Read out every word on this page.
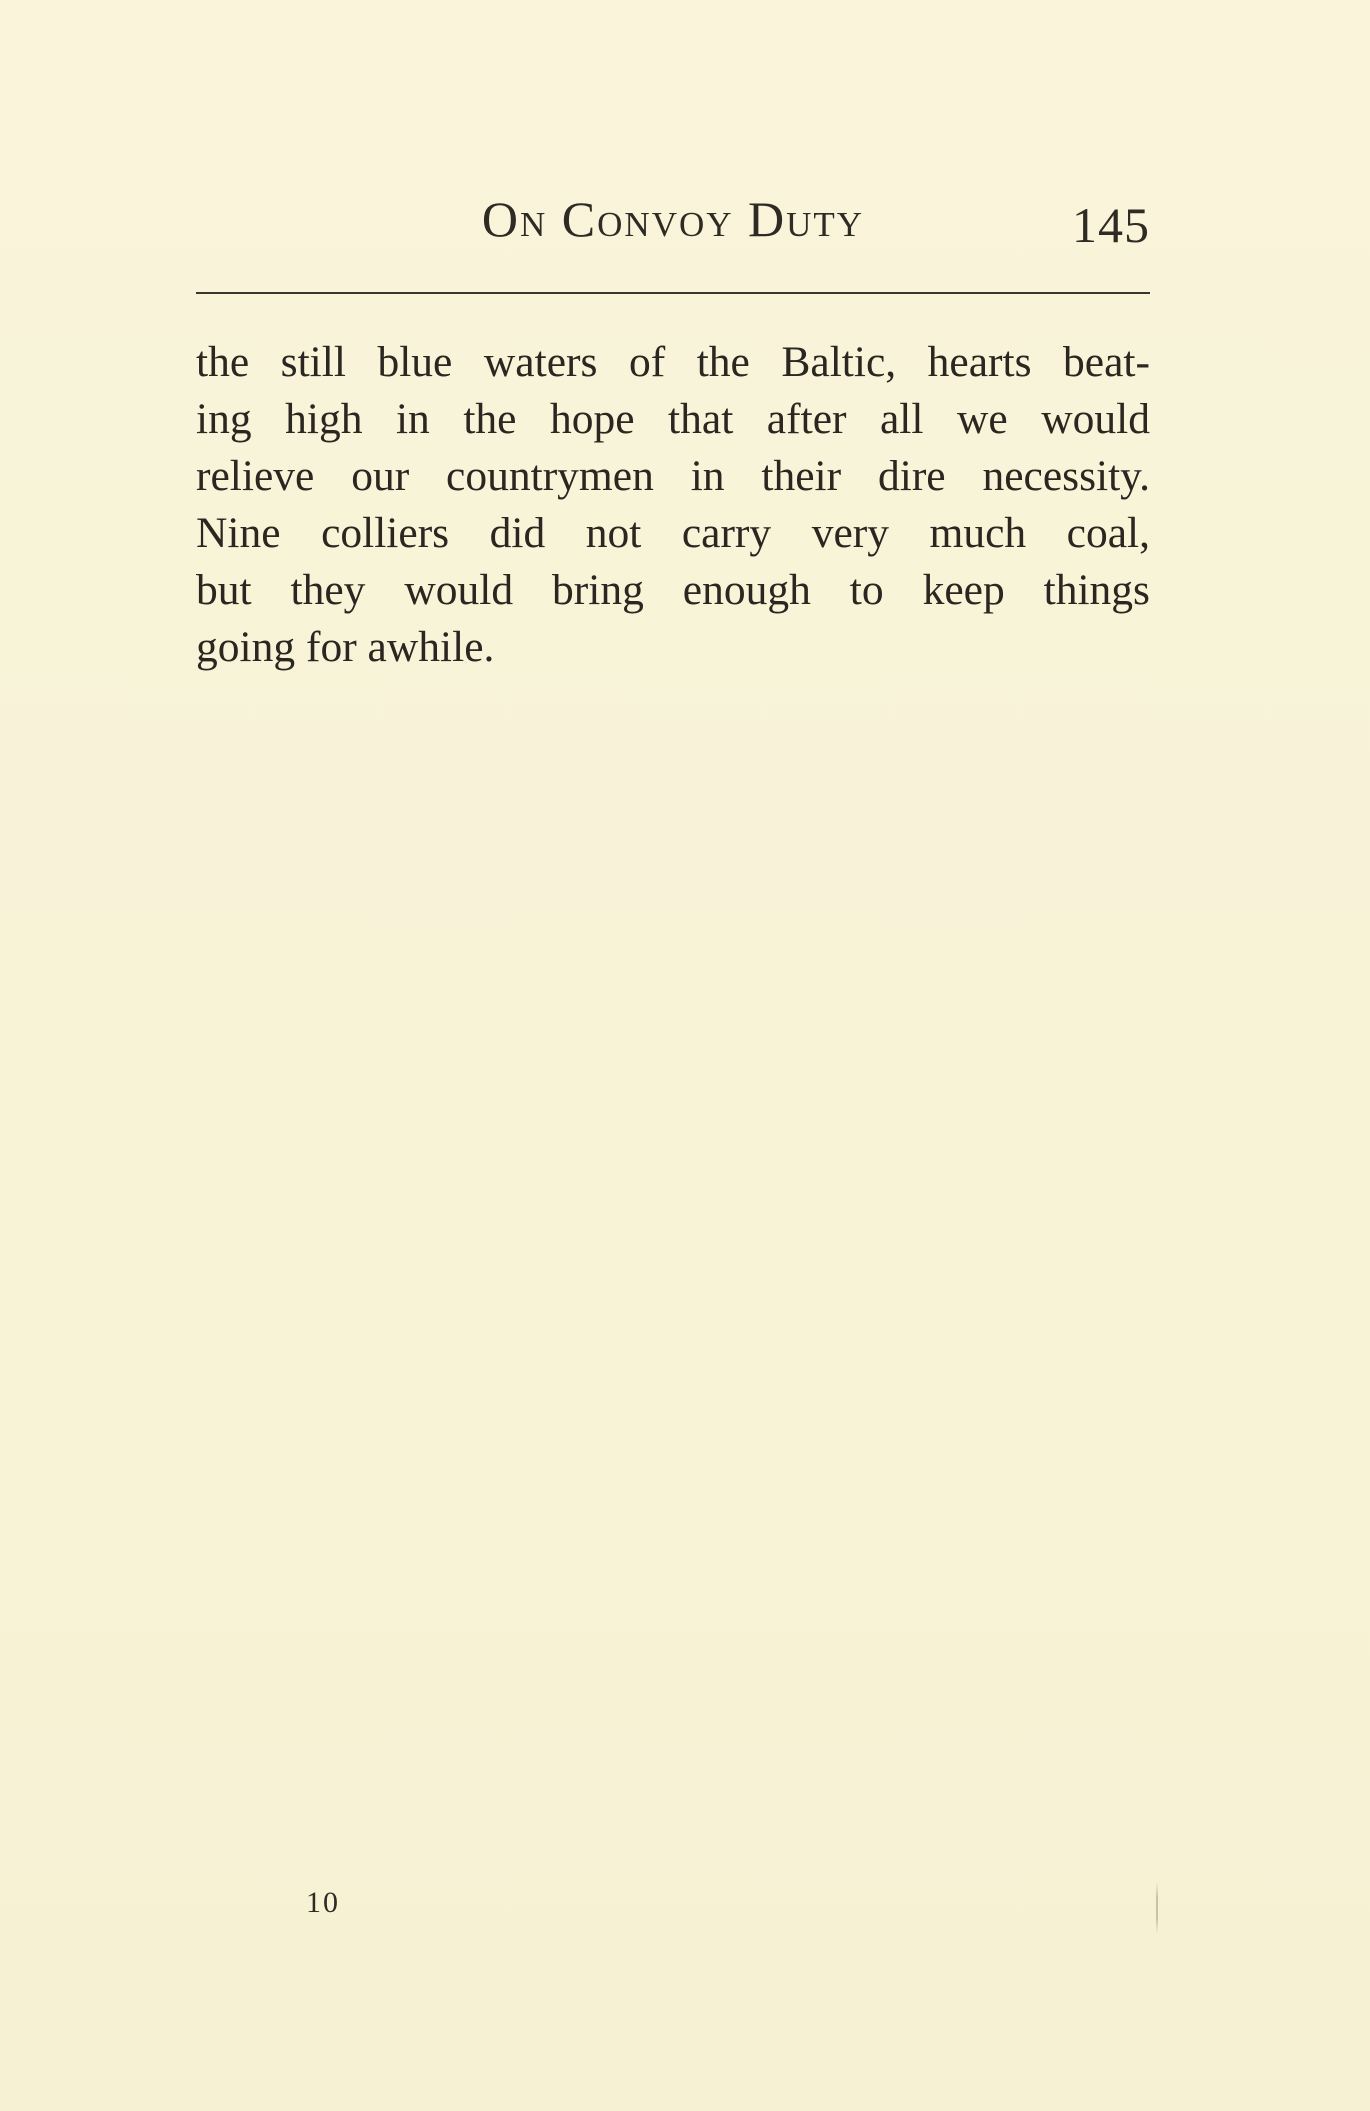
On Convoy Duty	145
the still blue waters of the Baltic, hearts beat-
ing high in the hope that after all we would
relieve our countrymen in their dire necessity.
Nine colliers did not carry very much coal,
but they would bring enough to keep things
going for awhile.
10
